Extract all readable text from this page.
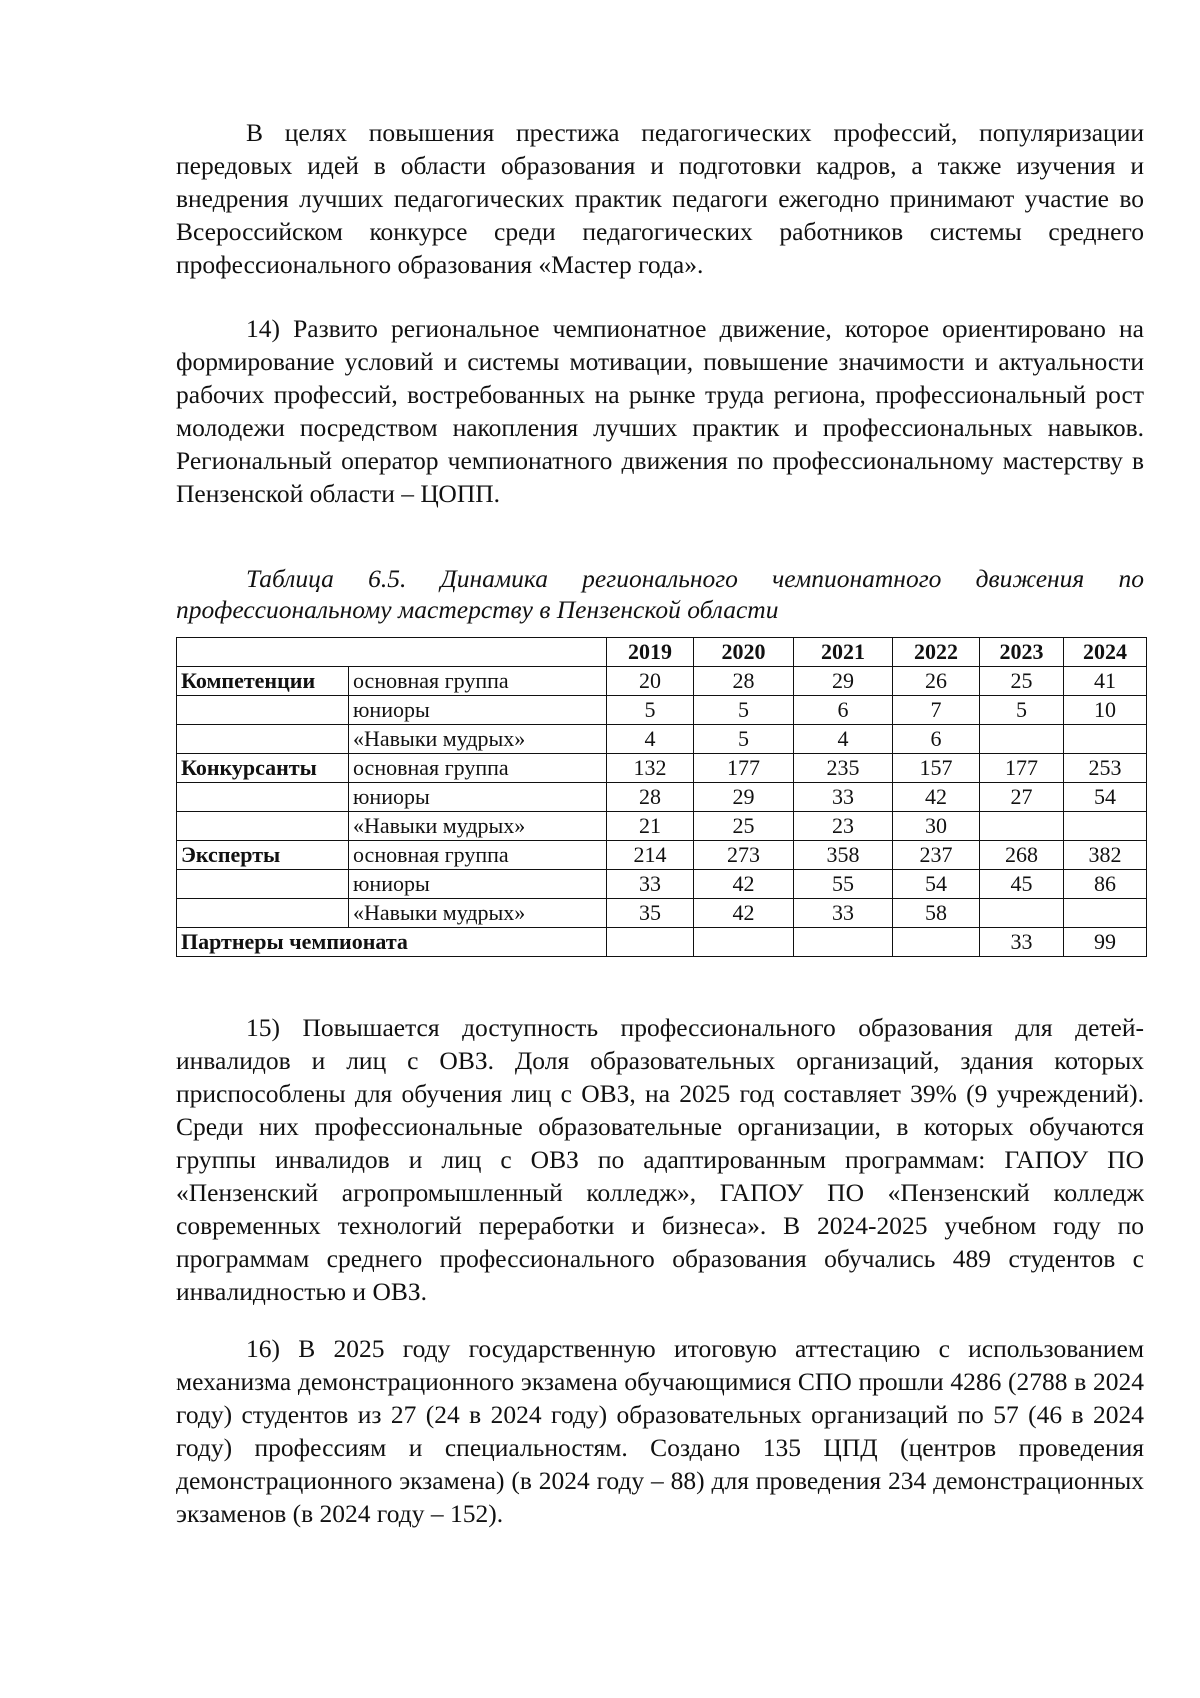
В целях повышения престижа педагогических профессий, популяризации передовых идей в области образования и подготовки кадров, а также изучения и внедрения лучших педагогических практик педагоги ежегодно принимают участие во Всероссийском конкурсе среди педагогических работников системы среднего профессионального образования «Мастер года».

14) Развито региональное чемпионатное движение, которое ориентировано на формирование условий и системы мотивации, повышение значимости и актуальности рабочих профессий, востребованных на рынке труда региона, профессиональный рост молодежи посредством накопления лучших практик и профессиональных навыков. Региональный оператор чемпионатного движения по профессиональному мастерству в Пензенской области – ЦОПП.

Таблица 6.5. Динамика регионального чемпионатного движения по профессиональному мастерству в Пензенской области

		2019	2020	2021	2022	2023	2024
Компетенции	основная группа	20	28	29	26	25	41
	юниоры	5	5	6	7	5	10
	«Навыки мудрых»	4	5	4	6		
Конкурсанты	основная группа	132	177	235	157	177	253
	юниоры	28	29	33	42	27	54
	«Навыки мудрых»	21	25	23	30		
Эксперты	основная группа	214	273	358	237	268	382
	юниоры	33	42	55	54	45	86
	«Навыки мудрых»	35	42	33	58		
Партнеры чемпионата						33	99

15) Повышается доступность профессионального образования для детей-инвалидов и лиц с ОВЗ. Доля образовательных организаций, здания которых приспособлены для обучения лиц с ОВЗ, на 2025 год составляет 39% (9 учреждений). Среди них профессиональные образовательные организации, в которых обучаются группы инвалидов и лиц с ОВЗ по адаптированным программам: ГАПОУ ПО «Пензенский агропромышленный колледж», ГАПОУ ПО «Пензенский колледж современных технологий переработки и бизнеса». В 2024-2025 учебном году по программам среднего профессионального образования обучались 489 студентов с инвалидностью и ОВЗ.

16) В 2025 году государственную итоговую аттестацию с использованием механизма демонстрационного экзамена обучающимися СПО прошли 4286 (2788 в 2024 году) студентов из 27 (24 в 2024 году) образовательных организаций по 57 (46 в 2024 году) профессиям и специальностям. Создано 135 ЦПД (центров проведения демонстрационного экзамена) (в 2024 году – 88) для проведения 234 демонстрационных экзаменов (в 2024 году – 152).
